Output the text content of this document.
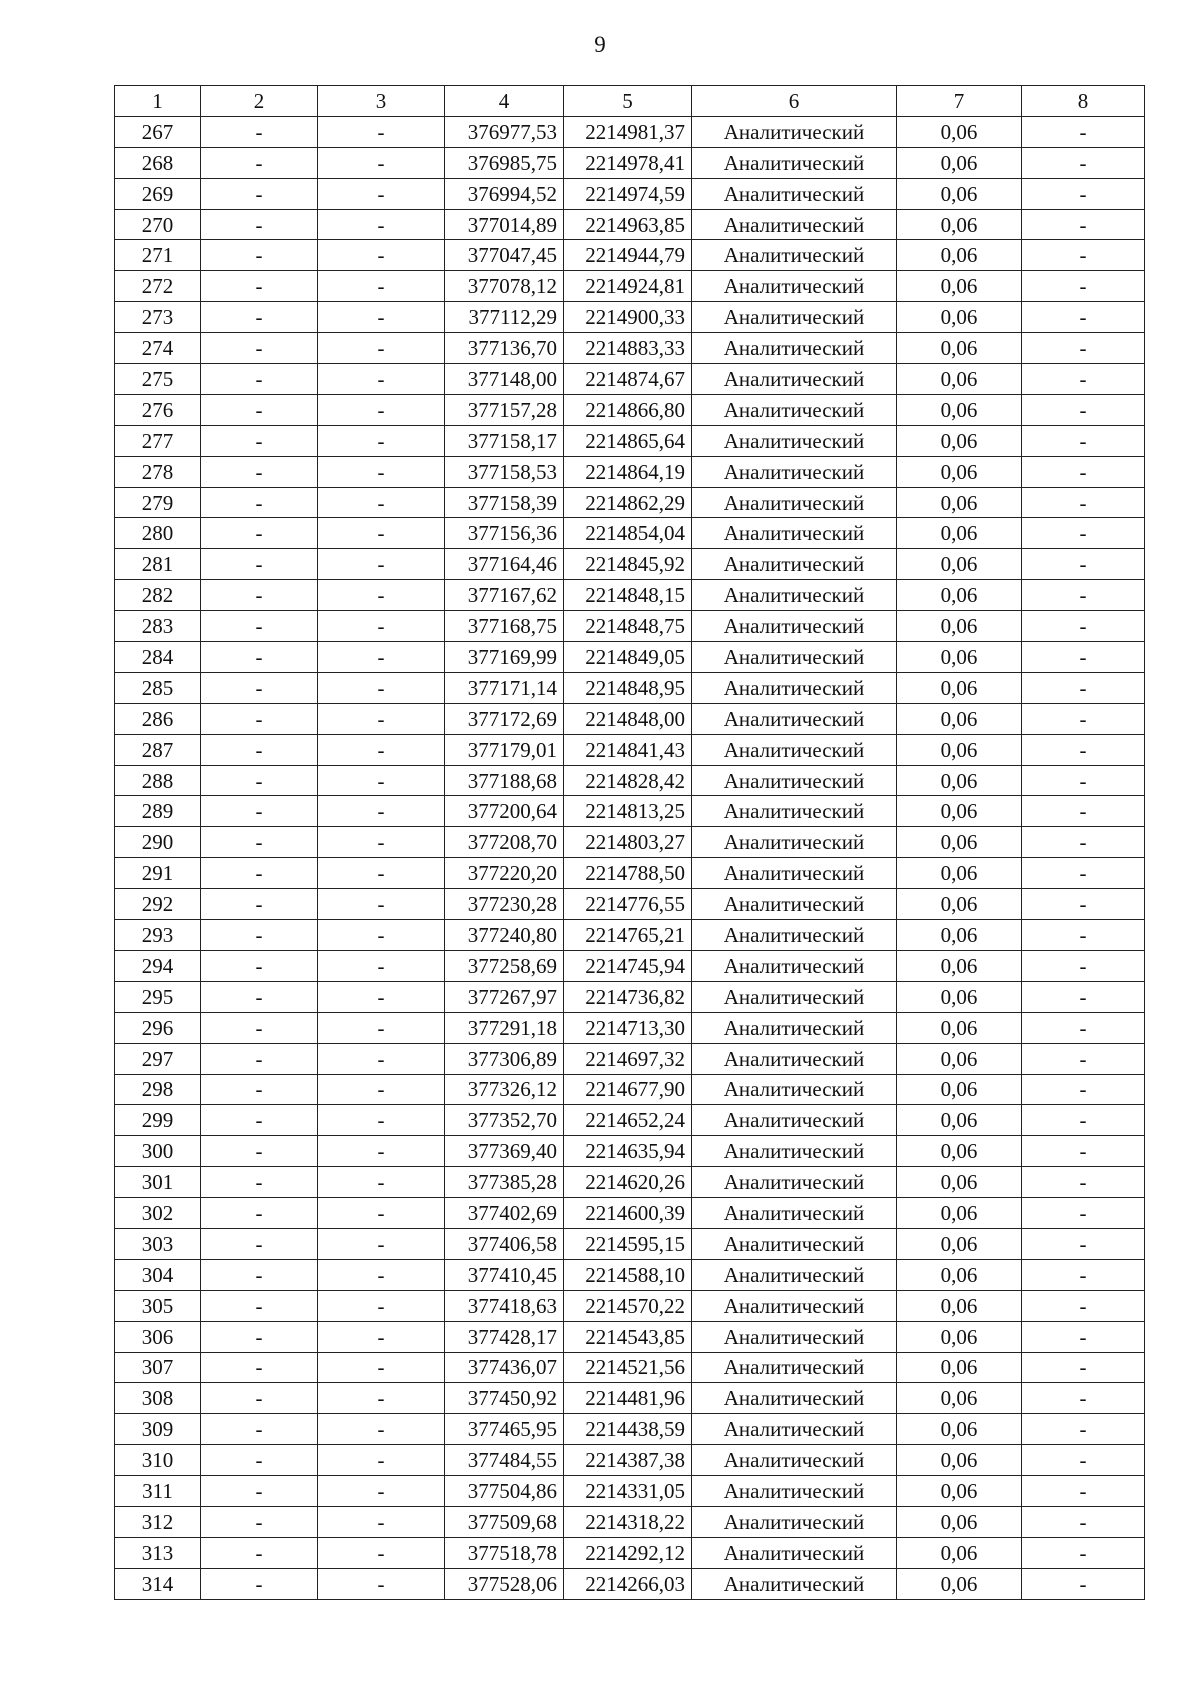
9
1	2	3	4	5	6	7	8
267	-	-	376977,53	2214981,37	Аналитический	0,06	-
268	-	-	376985,75	2214978,41	Аналитический	0,06	-
269	-	-	376994,52	2214974,59	Аналитический	0,06	-
270	-	-	377014,89	2214963,85	Аналитический	0,06	-
271	-	-	377047,45	2214944,79	Аналитический	0,06	-
272	-	-	377078,12	2214924,81	Аналитический	0,06	-
273	-	-	377112,29	2214900,33	Аналитический	0,06	-
274	-	-	377136,70	2214883,33	Аналитический	0,06	-
275	-	-	377148,00	2214874,67	Аналитический	0,06	-
276	-	-	377157,28	2214866,80	Аналитический	0,06	-
277	-	-	377158,17	2214865,64	Аналитический	0,06	-
278	-	-	377158,53	2214864,19	Аналитический	0,06	-
279	-	-	377158,39	2214862,29	Аналитический	0,06	-
280	-	-	377156,36	2214854,04	Аналитический	0,06	-
281	-	-	377164,46	2214845,92	Аналитический	0,06	-
282	-	-	377167,62	2214848,15	Аналитический	0,06	-
283	-	-	377168,75	2214848,75	Аналитический	0,06	-
284	-	-	377169,99	2214849,05	Аналитический	0,06	-
285	-	-	377171,14	2214848,95	Аналитический	0,06	-
286	-	-	377172,69	2214848,00	Аналитический	0,06	-
287	-	-	377179,01	2214841,43	Аналитический	0,06	-
288	-	-	377188,68	2214828,42	Аналитический	0,06	-
289	-	-	377200,64	2214813,25	Аналитический	0,06	-
290	-	-	377208,70	2214803,27	Аналитический	0,06	-
291	-	-	377220,20	2214788,50	Аналитический	0,06	-
292	-	-	377230,28	2214776,55	Аналитический	0,06	-
293	-	-	377240,80	2214765,21	Аналитический	0,06	-
294	-	-	377258,69	2214745,94	Аналитический	0,06	-
295	-	-	377267,97	2214736,82	Аналитический	0,06	-
296	-	-	377291,18	2214713,30	Аналитический	0,06	-
297	-	-	377306,89	2214697,32	Аналитический	0,06	-
298	-	-	377326,12	2214677,90	Аналитический	0,06	-
299	-	-	377352,70	2214652,24	Аналитический	0,06	-
300	-	-	377369,40	2214635,94	Аналитический	0,06	-
301	-	-	377385,28	2214620,26	Аналитический	0,06	-
302	-	-	377402,69	2214600,39	Аналитический	0,06	-
303	-	-	377406,58	2214595,15	Аналитический	0,06	-
304	-	-	377410,45	2214588,10	Аналитический	0,06	-
305	-	-	377418,63	2214570,22	Аналитический	0,06	-
306	-	-	377428,17	2214543,85	Аналитический	0,06	-
307	-	-	377436,07	2214521,56	Аналитический	0,06	-
308	-	-	377450,92	2214481,96	Аналитический	0,06	-
309	-	-	377465,95	2214438,59	Аналитический	0,06	-
310	-	-	377484,55	2214387,38	Аналитический	0,06	-
311	-	-	377504,86	2214331,05	Аналитический	0,06	-
312	-	-	377509,68	2214318,22	Аналитический	0,06	-
313	-	-	377518,78	2214292,12	Аналитический	0,06	-
314	-	-	377528,06	2214266,03	Аналитический	0,06	-
